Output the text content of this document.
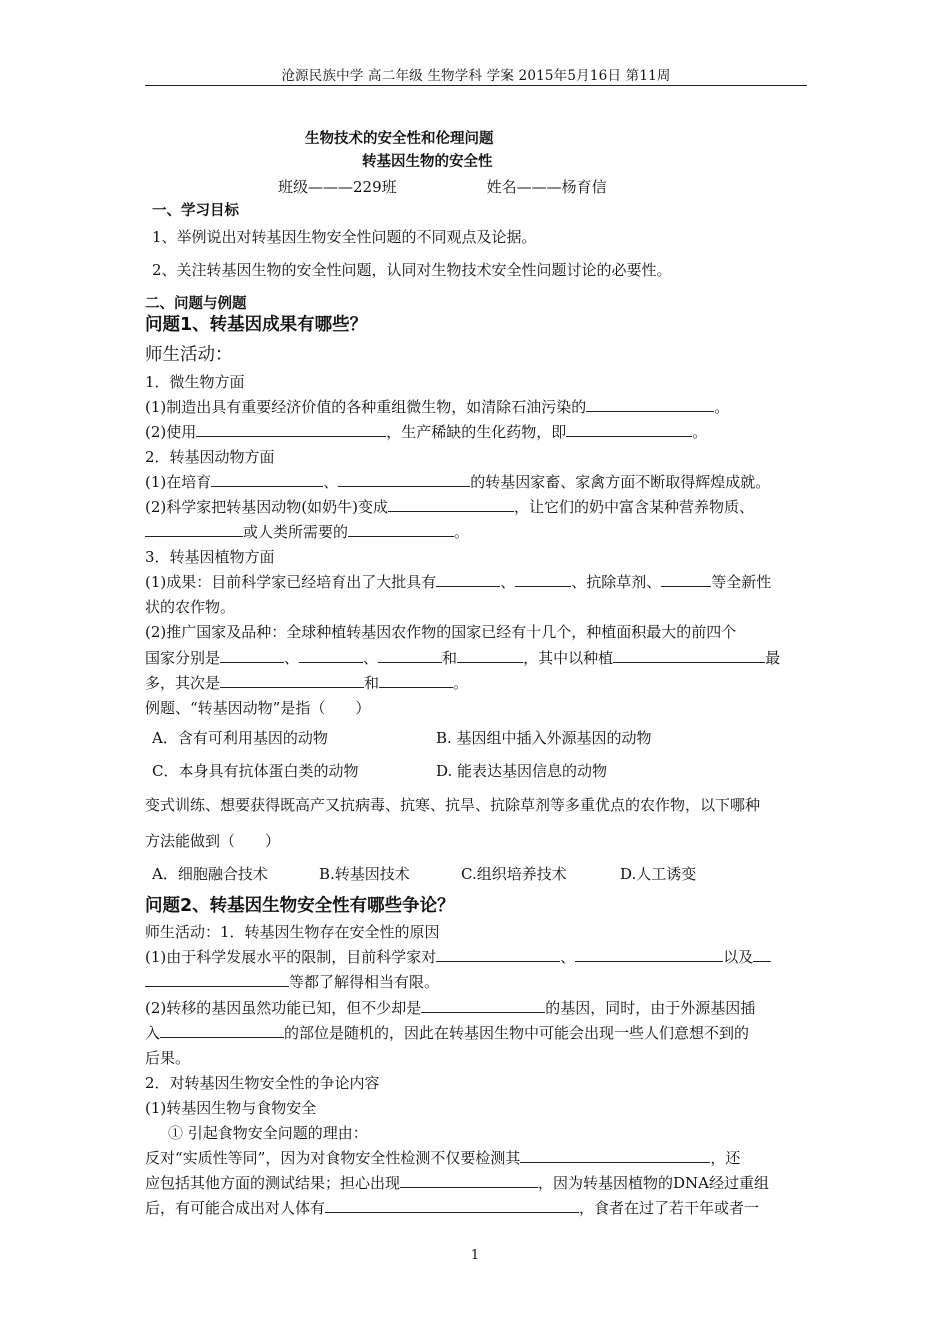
沧源民族中学 高二年级 生物学科 学案 2015年5月16日 第11周
生物技术的安全性和伦理问题
转基因生物的安全性
班级———229班	姓名———杨育信
一、学习目标
1、举例说出对转基因生物安全性问题的不同观点及论据。
2、关注转基因生物的安全性问题，认同对生物技术安全性问题讨论的必要性。
二、问题与例题
问题1、转基因成果有哪些？
师生活动：
1．微生物方面
(1)制造出具有重要经济价值的各种重组微生物，如清除石油污染的	。
(2)使用	，生产稀缺的生化药物，即	。
2．转基因动物方面
(1)在培育	、	的转基因家畜、家禽方面不断取得辉煌成就。
(2)科学家把转基因动物(如奶牛)变成	，让它们的奶中富含某种营养物质、
或人类所需要的	。
3．转基因植物方面
(1)成果：目前科学家已经培育出了大批具有	、	、抗除草剂、	等全新性
状的农作物。
(2)推广国家及品种：全球种植转基因农作物的国家已经有十几个，种植面积最大的前四个
国家分别是	、	、	和	，其中以种植	最
多，其次是	和	。
例题、“转基因动物”是指（　　）
A．含有可利用基因的动物	B. 基因组中插入外源基因的动物
C．本身具有抗体蛋白类的动物	D. 能表达基因信息的动物
变式训练、想要获得既高产又抗病毒、抗寒、抗旱、抗除草剂等多重优点的农作物，以下哪种
方法能做到（　　）
A．细胞融合技术	B.转基因技术	C.组织培养技术	D.人工诱变
问题2、转基因生物安全性有哪些争论？
师生活动：1．转基因生物存在安全性的原因
(1)由于科学发展水平的限制，目前科学家对	、	以及
等都了解得相当有限。
(2)转移的基因虽然功能已知，但不少却是	的基因，同时，由于外源基因插
入	的部位是随机的，因此在转基因生物中可能会出现一些人们意想不到的
后果。
2．对转基因生物安全性的争论内容
(1)转基因生物与食物安全
① 引起食物安全问题的理由：
反对“实质性等同”，因为对食物安全性检测不仅要检测其	，还
应包括其他方面的测试结果；担心出现	，因为转基因植物的DNA经过重组
后，有可能合成出对人体有	，食者在过了若干年或者一
1
